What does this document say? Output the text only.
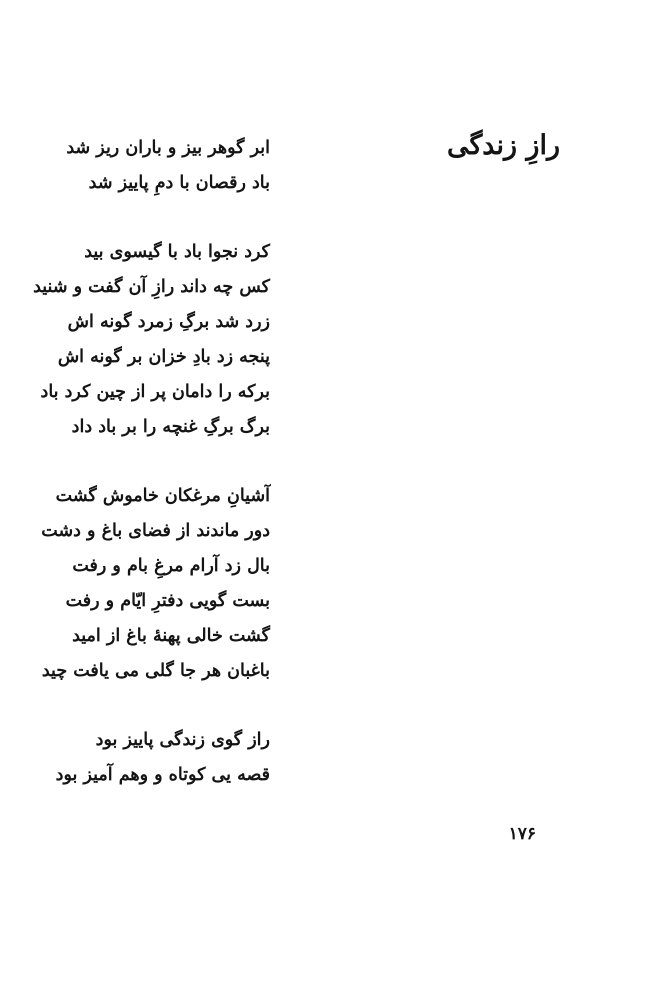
رازِ زندگی
ابر گوهر بیز و باران ریز شد
باد رقصان با دمِ پاییز شد
کرد نجوا باد با گیسوی بید
کس چه داند رازِ آن گفت و شنید
زرد شد برگِ زمرد گونه اش
پنجه زد بادِ خزان بر گونه اش
برکه را دامان پر از چین کرد باد
برگ برگِ غنچه را بر باد داد
آشیانِ مرغکان خاموش گشت
دور ماندند از فضای باغ و دشت
بال زد آرام مرغِ بام و رفت
بست گویی دفترِ ایّام و رفت
گشت خالی پهنهٔ باغ از امید
باغبان هر جا گلی می یافت چید
راز گوی زندگی پاییز بود
قصه یی کوتاه و وهم آمیز بود
۱۷۶
